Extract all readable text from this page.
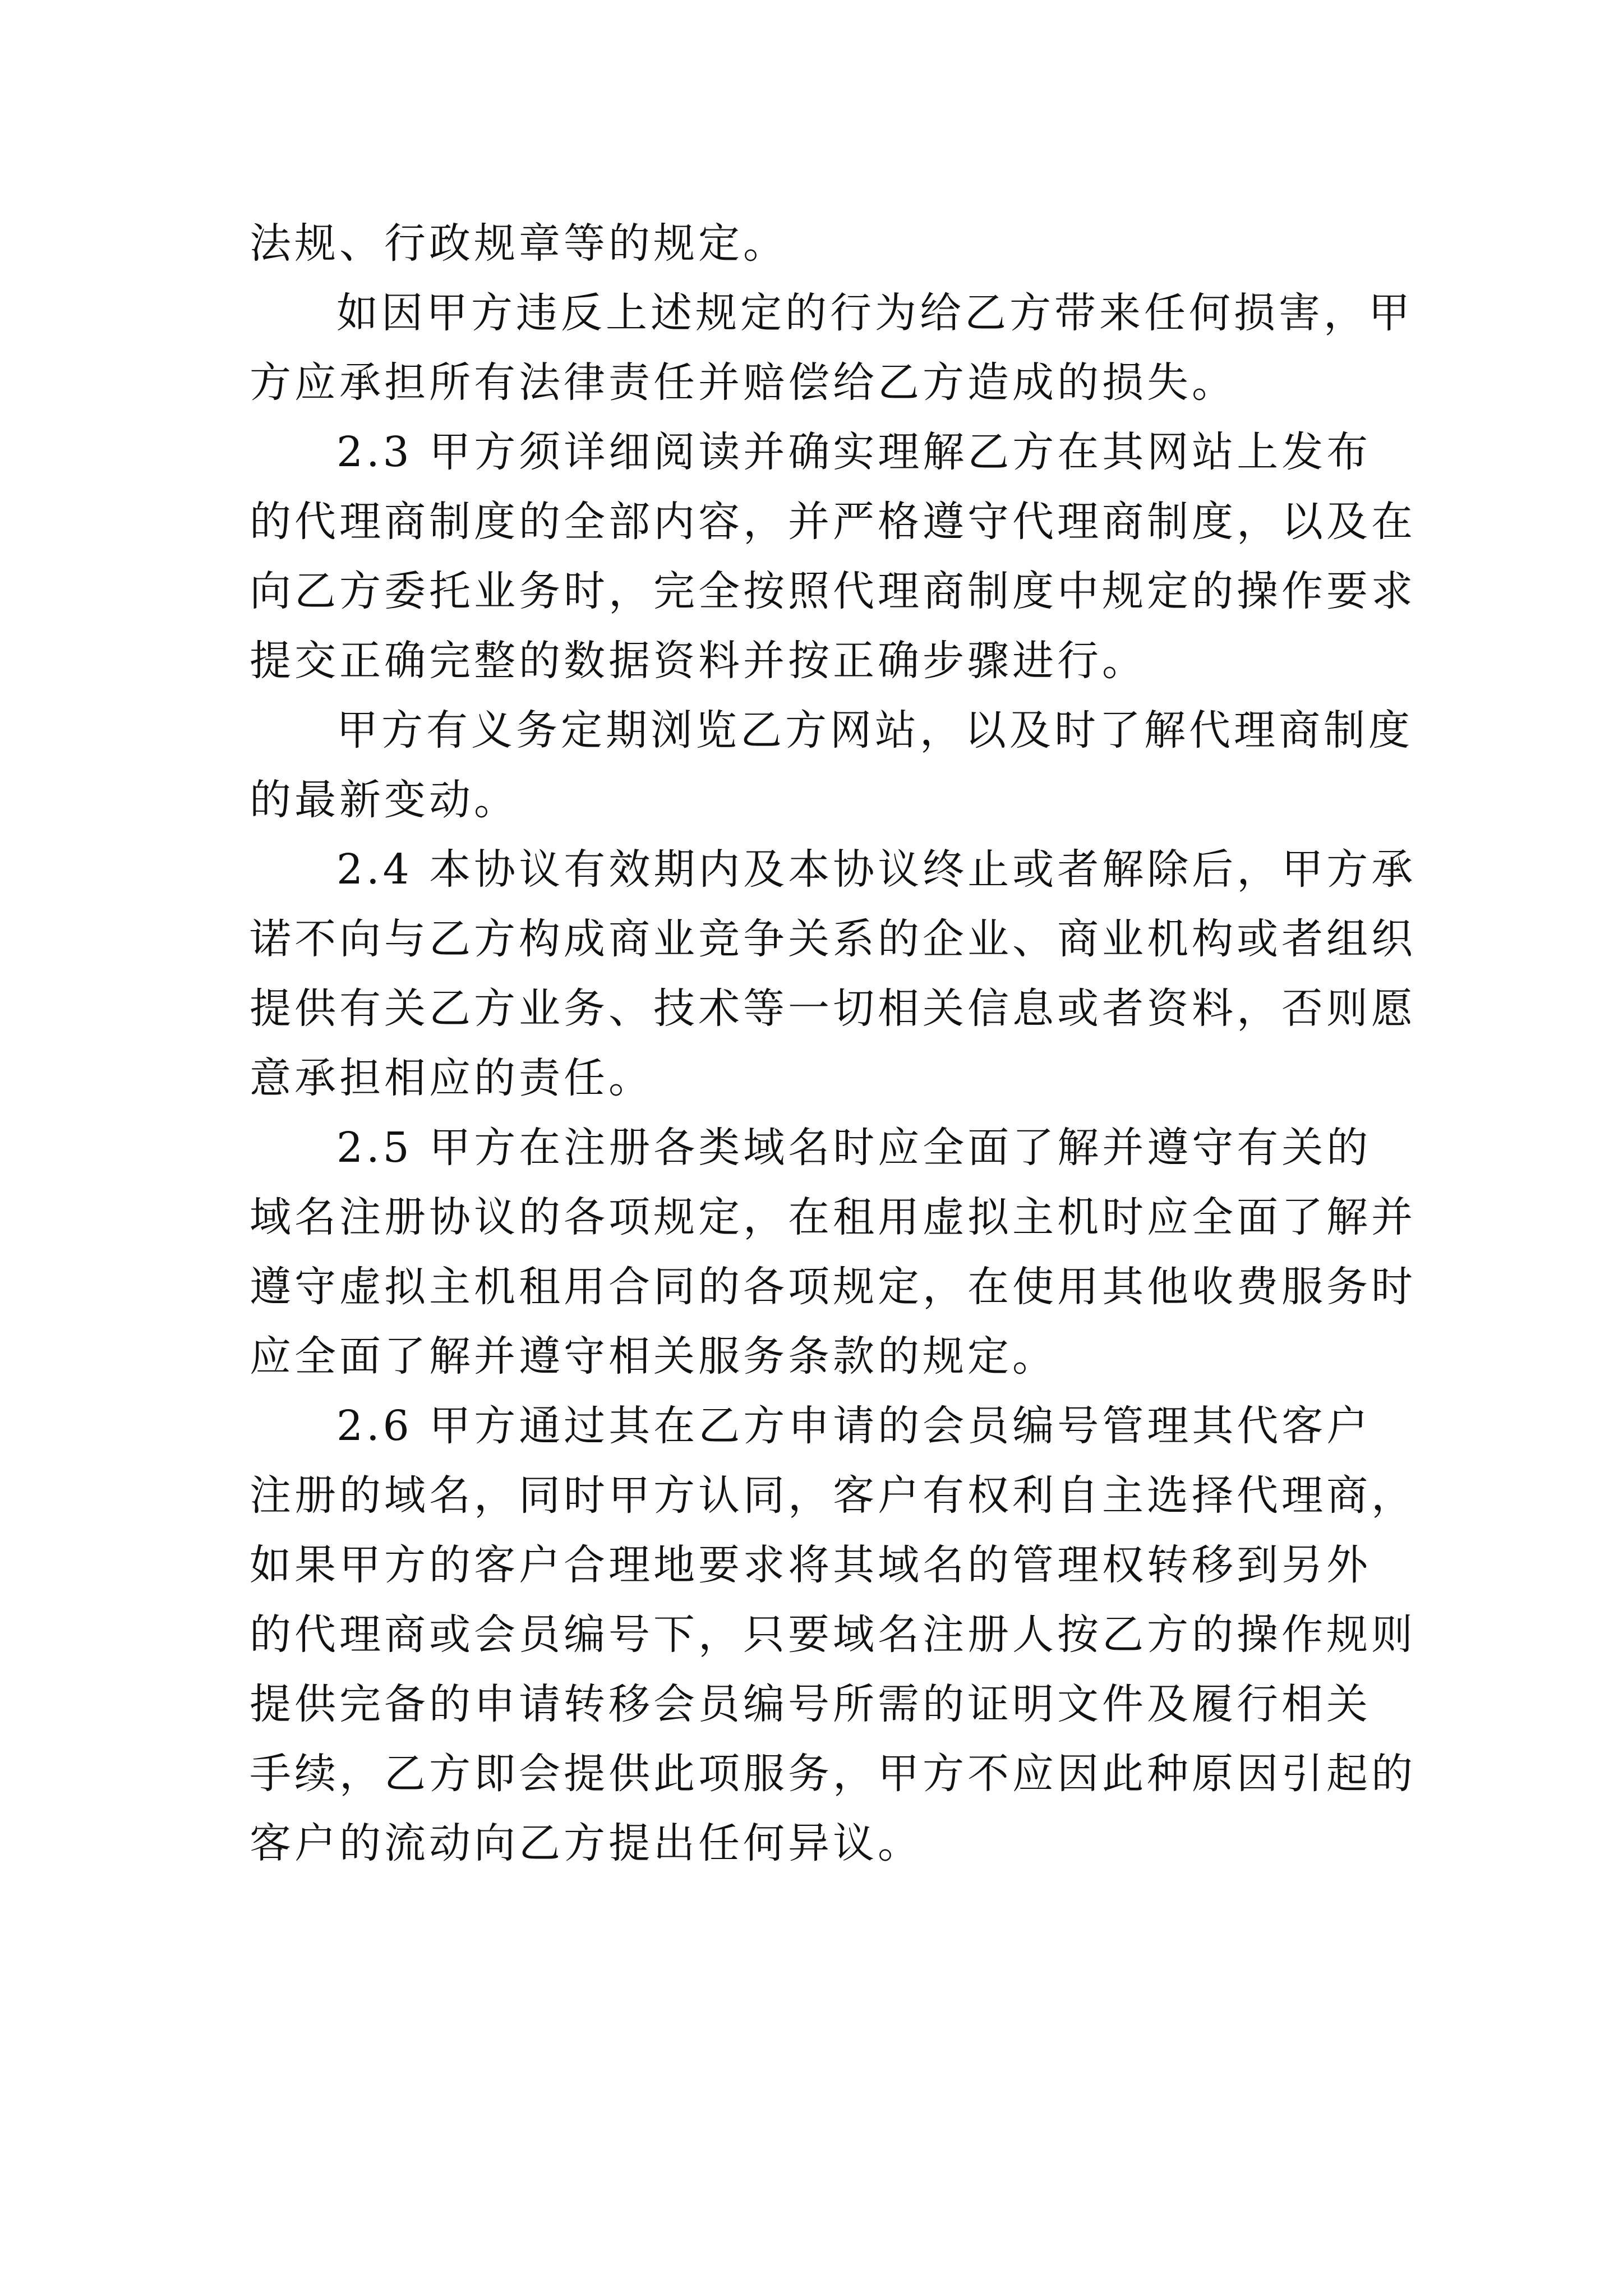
法规、行政规章等的规定。
如因甲方违反上述规定的行为给乙方带来任何损害，甲
方应承担所有法律责任并赔偿给乙方造成的损失。
2.3 甲方须详细阅读并确实理解乙方在其网站上发布
的代理商制度的全部内容，并严格遵守代理商制度，以及在
向乙方委托业务时，完全按照代理商制度中规定的操作要求
提交正确完整的数据资料并按正确步骤进行。
甲方有义务定期浏览乙方网站，以及时了解代理商制度
的最新变动。
2.4 本协议有效期内及本协议终止或者解除后，甲方承
诺不向与乙方构成商业竞争关系的企业、商业机构或者组织
提供有关乙方业务、技术等一切相关信息或者资料，否则愿
意承担相应的责任。
2.5 甲方在注册各类域名时应全面了解并遵守有关的
域名注册协议的各项规定，在租用虚拟主机时应全面了解并
遵守虚拟主机租用合同的各项规定，在使用其他收费服务时
应全面了解并遵守相关服务条款的规定。
2.6 甲方通过其在乙方申请的会员编号管理其代客户
注册的域名，同时甲方认同，客户有权利自主选择代理商，
如果甲方的客户合理地要求将其域名的管理权转移到另外
的代理商或会员编号下，只要域名注册人按乙方的操作规则
提供完备的申请转移会员编号所需的证明文件及履行相关
手续，乙方即会提供此项服务，甲方不应因此种原因引起的
客户的流动向乙方提出任何异议。
